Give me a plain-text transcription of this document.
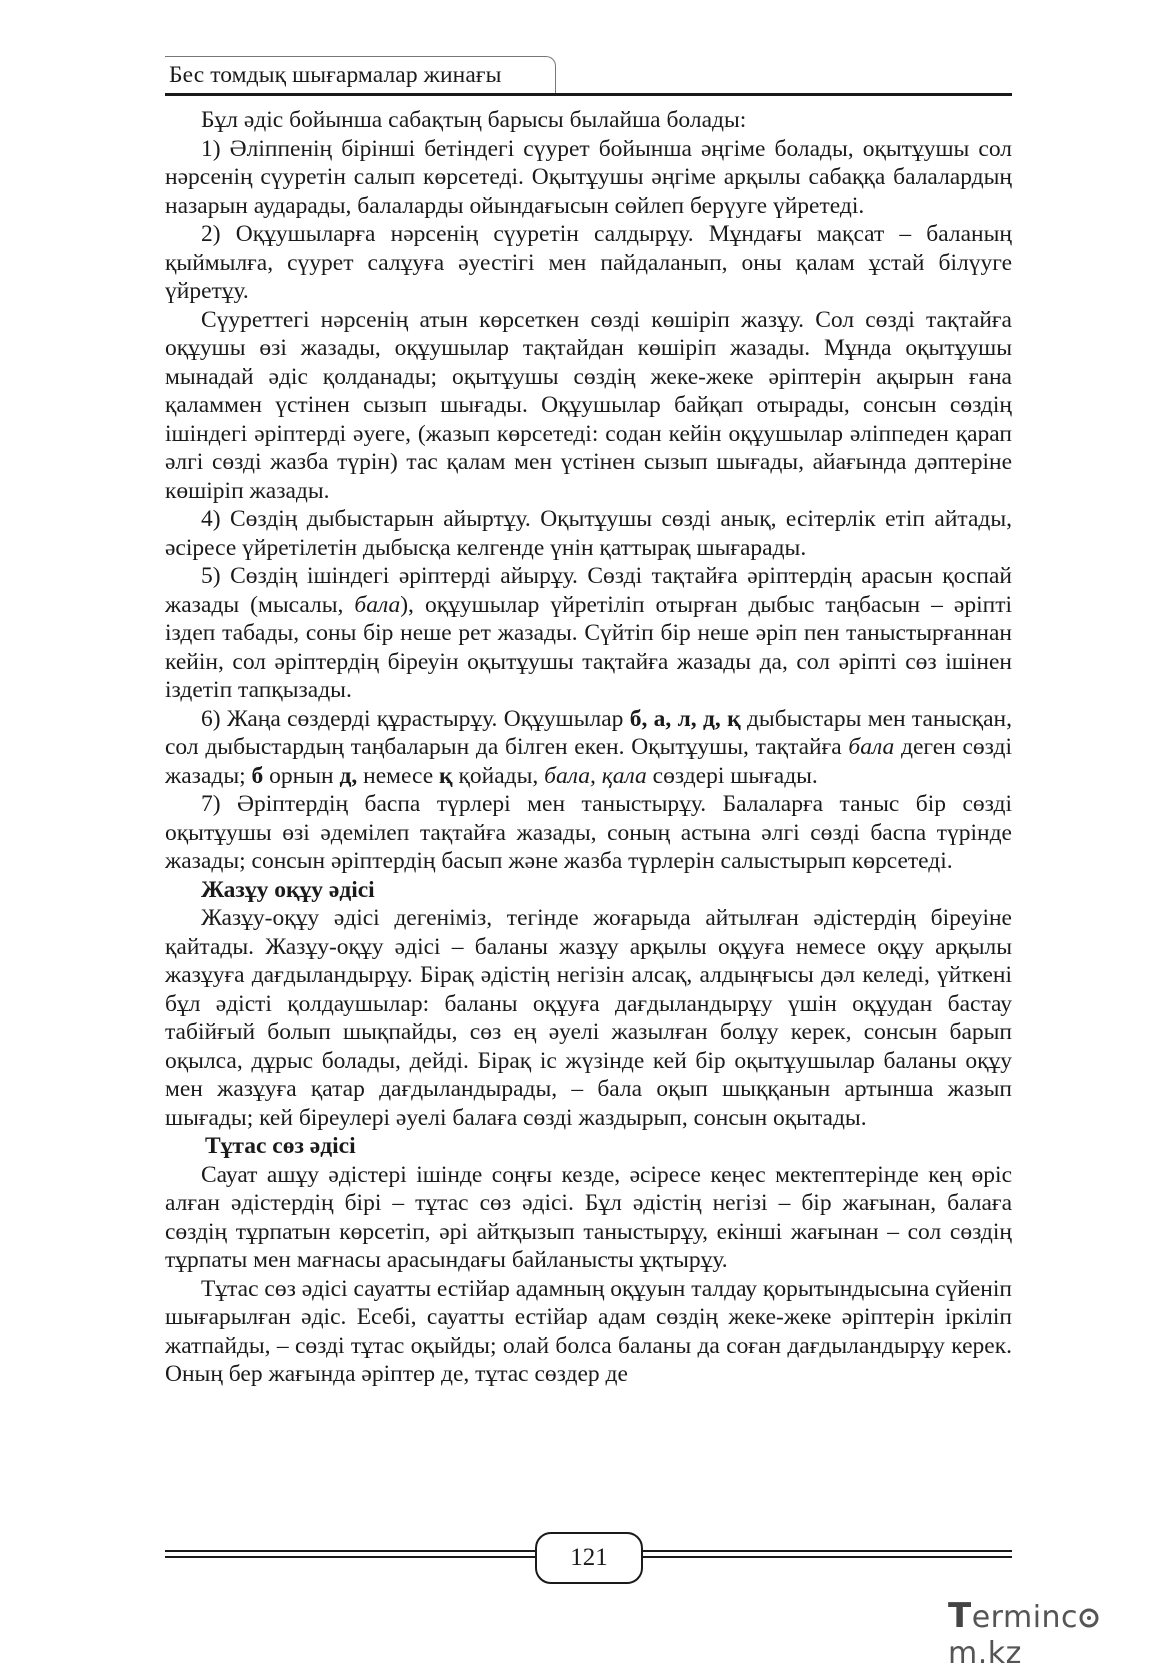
Бес томдық шығармалар жинағы

Бұл әдіс бойынша сабақтың барысы былайша болады:

1) Әліппенің бірінші бетіндегі сүурет бойынша әңгіме болады, оқытұушы сол нәрсенің сүуретін салып көрсетеді. Оқытұушы әңгіме арқылы сабаққа балалардың назарын аударады, балаларды ойындағысын сөйлеп берүуге үйретеді.

2) Оқұушыларға нәрсенің сүуретін салдырұу. Мұндағы мақсат – баланың қыймылға, сүурет салұуға әуестігі мен пайдаланып, оны қалам ұстай білүуге үйретұу.

Сүуреттегі нәрсенің атын көрсеткен сөзді көшіріп жазұу. Сол сөзді тақтайға оқұушы өзі жазады, оқұушылар тақтайдан көшіріп жазады. Мұнда оқытұушы мынадай әдіс қолданады; оқытұушы сөздің жеке-жеке әріптерін ақырын ғана қаламмен үстінен сызып шығады. Оқұушылар байқап отырады, сонсын сөздің ішіндегі әріптерді әуеге, (жазып көрсетеді: содан кейін оқұушылар әліппеден қарап әлгі сөзді жазба түрін) тас қалам мен үстінен сызып шығады, айағында дәптеріне көшіріп жазады.

4) Сөздің дыбыстарын айыртұу. Оқытұушы сөзді анық, есітерлік етіп айтады, әсіресе үйретілетін дыбысқа келгенде үнін қаттырақ шығарады.

5) Сөздің ішіндегі әріптерді айырұу. Сөзді тақтайға әріптердің арасын қоспай жазады (мысалы, бала), оқұушылар үйретіліп отырған дыбыс таңбасын – әріпті іздеп табады, соны бір неше рет жазады. Сүйтіп бір неше әріп пен таныстырғаннан кейін, сол әріптердің біреуін оқытұушы тақтайға жазады да, сол әріпті сөз ішінен іздетіп тапқызады.

6) Жаңа сөздерді құрастырұу. Оқұушылар б, а, л, д, қ дыбыстары мен танысқан, сол дыбыстардың таңбаларын да білген екен. Оқытұушы, тақтайға бала деген сөзді жазады; б орнын д, немесе қ қойады, бала, қала сөздері шығады.

7) Әріптердің баспа түрлері мен таныстырұу. Балаларға таныс бір сөзді оқытұушы өзі әдемілеп тақтайға жазады, соның астына әлгі сөзді баспа түрінде жазады; сонсын әріптердің басып және жазба түрлерін салыстырып көрсетеді.

Жазұу оқұу әдісі

Жазұу-оқұу әдісі дегеніміз, тегінде жоғарыда айтылған әдістердің біреуіне қайтады. Жазұу-оқұу әдісі – баланы жазұу арқылы оқұуға немесе оқұу арқылы жазұуға дағдыландырұу. Бірақ әдістің негізін алсақ, алдыңғысы дәл келеді, үйткені бұл әдісті қолдаушылар: баланы оқұуға дағдыландырұу үшін оқұудан бастау табійғый болып шықпайды, сөз ең әуелі жазылған болұу керек, сонсын барып оқылса, дұрыс болады, дейді. Бірақ іс жүзінде кей бір оқытұушылар баланы оқұу мен жазұуға қатар дағдыландырады, – бала оқып шыққанын артынша жазып шығады; кей біреулері әуелі балаға сөзді жаздырып, сонсын оқытады.

Тұтас сөз әдісі

Сауат ашұу әдістері ішінде соңғы кезде, әсіресе кеңес мектептерінде кең өріс алған әдістердің бірі – тұтас сөз әдісі. Бұл әдістің негізі – бір жағынан, балаға сөздің тұрпатын көрсетіп, әрі айтқызып таныстырұу, екінші жағынан – сол сөздің тұрпаты мен мағнасы арасындағы байланысты ұқтырұу.

Тұтас сөз әдісі сауатты естійар адамның оқұуын талдау қорытындысына сүйеніп шығарылған әдіс. Есебі, сауатты естійар адам сөздің жеке-жеке әріптерін іркіліп жатпайды, – сөзді тұтас оқыйды; олай болса баланы да соған дағдыландырұу керек. Оның бер жағында әріптер де, тұтас сөздер де

121
Termincm.kz
